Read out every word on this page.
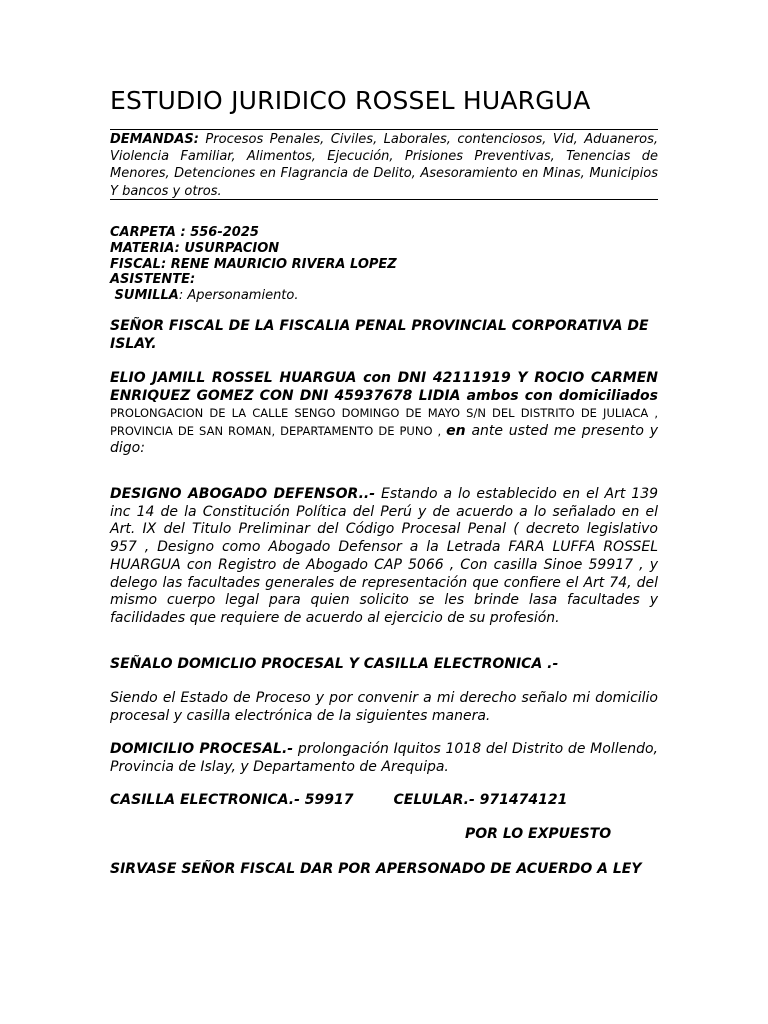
ESTUDIO JURIDICO ROSSEL HUARGUA
DEMANDAS: Procesos Penales, Civiles, Laborales, contenciosos, Vid, Aduaneros, Violencia Familiar, Alimentos, Ejecución, Prisiones Preventivas, Tenencias de Menores, Detenciones en Flagrancia de Delito, Asesoramiento en Minas, Municipios Y bancos y otros.
CARPETA : 556-2025
MATERIA: USURPACION
FISCAL: RENE MAURICIO RIVERA LOPEZ
ASISTENTE:
SUMILLA: Apersonamiento.
SEÑOR FISCAL DE LA FISCALIA PENAL PROVINCIAL CORPORATIVA DE ISLAY.
ELIO JAMILL ROSSEL HUARGUA con DNI 42111919 Y ROCIO CARMEN ENRIQUEZ GOMEZ CON DNI 45937678 LIDIA ambos con domiciliados PROLONGACION DE LA CALLE SENGO DOMINGO DE MAYO S/N DEL DISTRITO DE JULIACA , PROVINCIA DE SAN ROMAN, DEPARTAMENTO DE PUNO , en ante usted me presento y digo:
DESIGNO ABOGADO DEFENSOR..- Estando a lo establecido en el Art 139 inc 14 de la Constitución Política del Perú y de acuerdo a lo señalado en el Art. IX del Titulo Preliminar del Código Procesal Penal ( decreto legislativo 957 , Designo como Abogado Defensor a la Letrada FARA LUFFA ROSSEL HUARGUA con Registro de Abogado CAP 5066 , Con casilla Sinoe 59917 , y delego las facultades generales de representación que confiere el Art 74, del mismo cuerpo legal para quien solicito se les brinde lasa facultades y facilidades que requiere de acuerdo al ejercicio de su profesión.
SEÑALO DOMICLIO PROCESAL Y CASILLA ELECTRONICA .-
Siendo el Estado de Proceso y por convenir a mi derecho señalo mi domicilio procesal y casilla electrónica de la siguientes manera.
DOMICILIO PROCESAL.- prolongación Iquitos 1018 del Distrito de Mollendo, Provincia de Islay, y Departamento de Arequipa.
CASILLA ELECTRONICA.- 59917	CELULAR.- 971474121
POR LO EXPUESTO
SIRVASE SEÑOR FISCAL DAR POR APERSONADO DE ACUERDO A LEY
